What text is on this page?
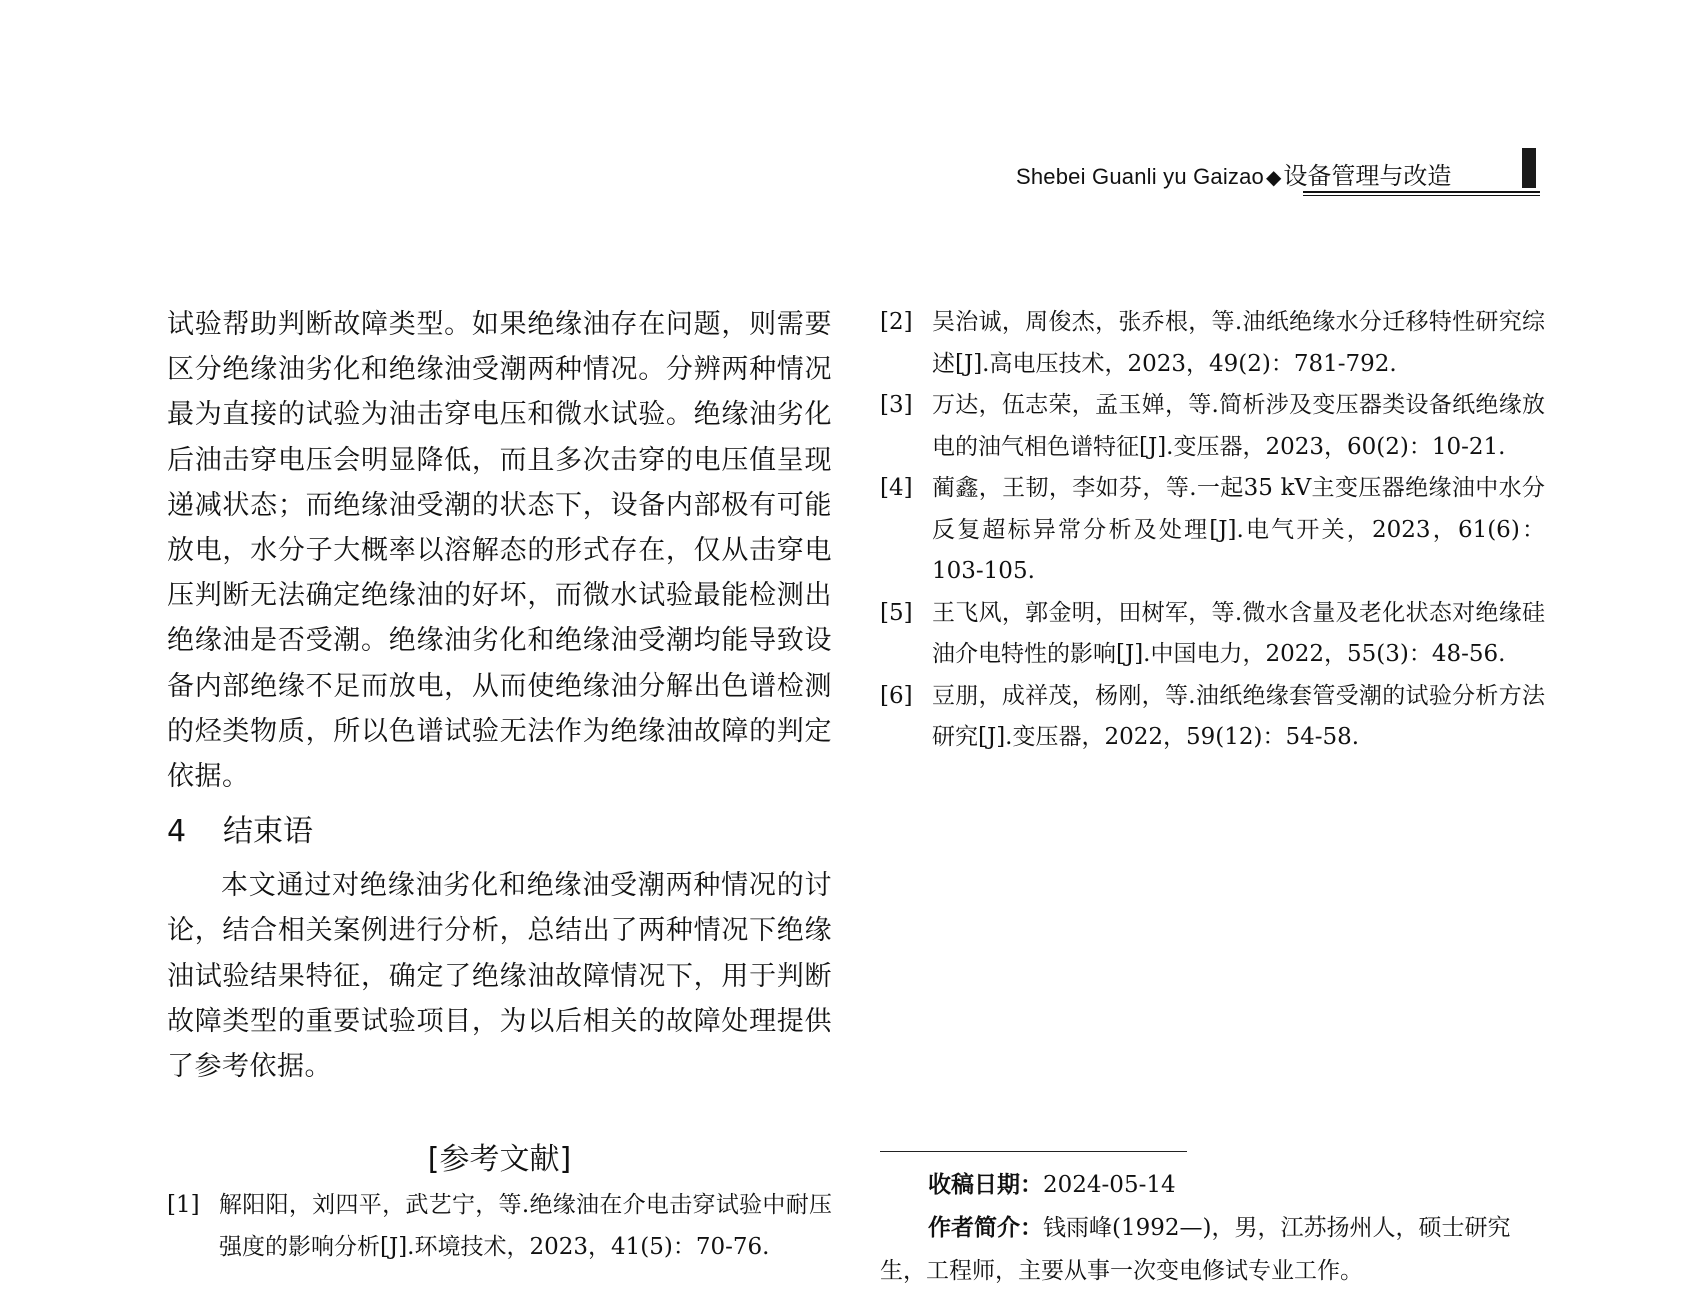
Shebei Guanli yu Gaizao ◆设备管理与改造

试验帮助判断故障类型。如果绝缘油存在问题，则需要区分绝缘油劣化和绝缘油受潮两种情况。分辨两种情况最为直接的试验为油击穿电压和微水试验。绝缘油劣化后油击穿电压会明显降低，而且多次击穿的电压值呈现递减状态；而绝缘油受潮的状态下，设备内部极有可能放电，水分子大概率以溶解态的形式存在，仅从击穿电压判断无法确定绝缘油的好坏，而微水试验最能检测出绝缘油是否受潮。绝缘油劣化和绝缘油受潮均能导致设备内部绝缘不足而放电，从而使绝缘油分解出色谱检测的烃类物质，所以色谱试验无法作为绝缘油故障的判定依据。

4 结束语

本文通过对绝缘油劣化和绝缘油受潮两种情况的讨论，结合相关案例进行分析，总结出了两种情况下绝缘油试验结果特征，确定了绝缘油故障情况下，用于判断故障类型的重要试验项目，为以后相关的故障处理提供了参考依据。

[参考文献]
[1] 解阳阳，刘四平，武艺宁，等.绝缘油在介电击穿试验中耐压强度的影响分析[J].环境技术，2023，41(5)：70-76.
[2] 吴治诚，周俊杰，张乔根，等.油纸绝缘水分迁移特性研究综述[J].高电压技术，2023，49(2)：781-792.
[3] 万达，伍志荣，孟玉婵，等.简析涉及变压器类设备纸绝缘放电的油气相色谱特征[J].变压器，2023，60(2)：10-21.
[4] 蔺鑫，王韧，李如芬，等.一起35 kV主变压器绝缘油中水分反复超标异常分析及处理[J].电气开关，2023，61(6)：103-105.
[5] 王飞风，郭金明，田树军，等.微水含量及老化状态对绝缘硅油介电特性的影响[J].中国电力，2022，55(3)：48-56.
[6] 豆朋，成祥茂，杨刚，等.油纸绝缘套管受潮的试验分析方法研究[J].变压器，2022，59(12)：54-58.
收稿日期：2024-05-14
作者简介：钱雨峰(1992—)，男，江苏扬州人，硕士研究生，工程师，主要从事一次变电修试专业工作。
